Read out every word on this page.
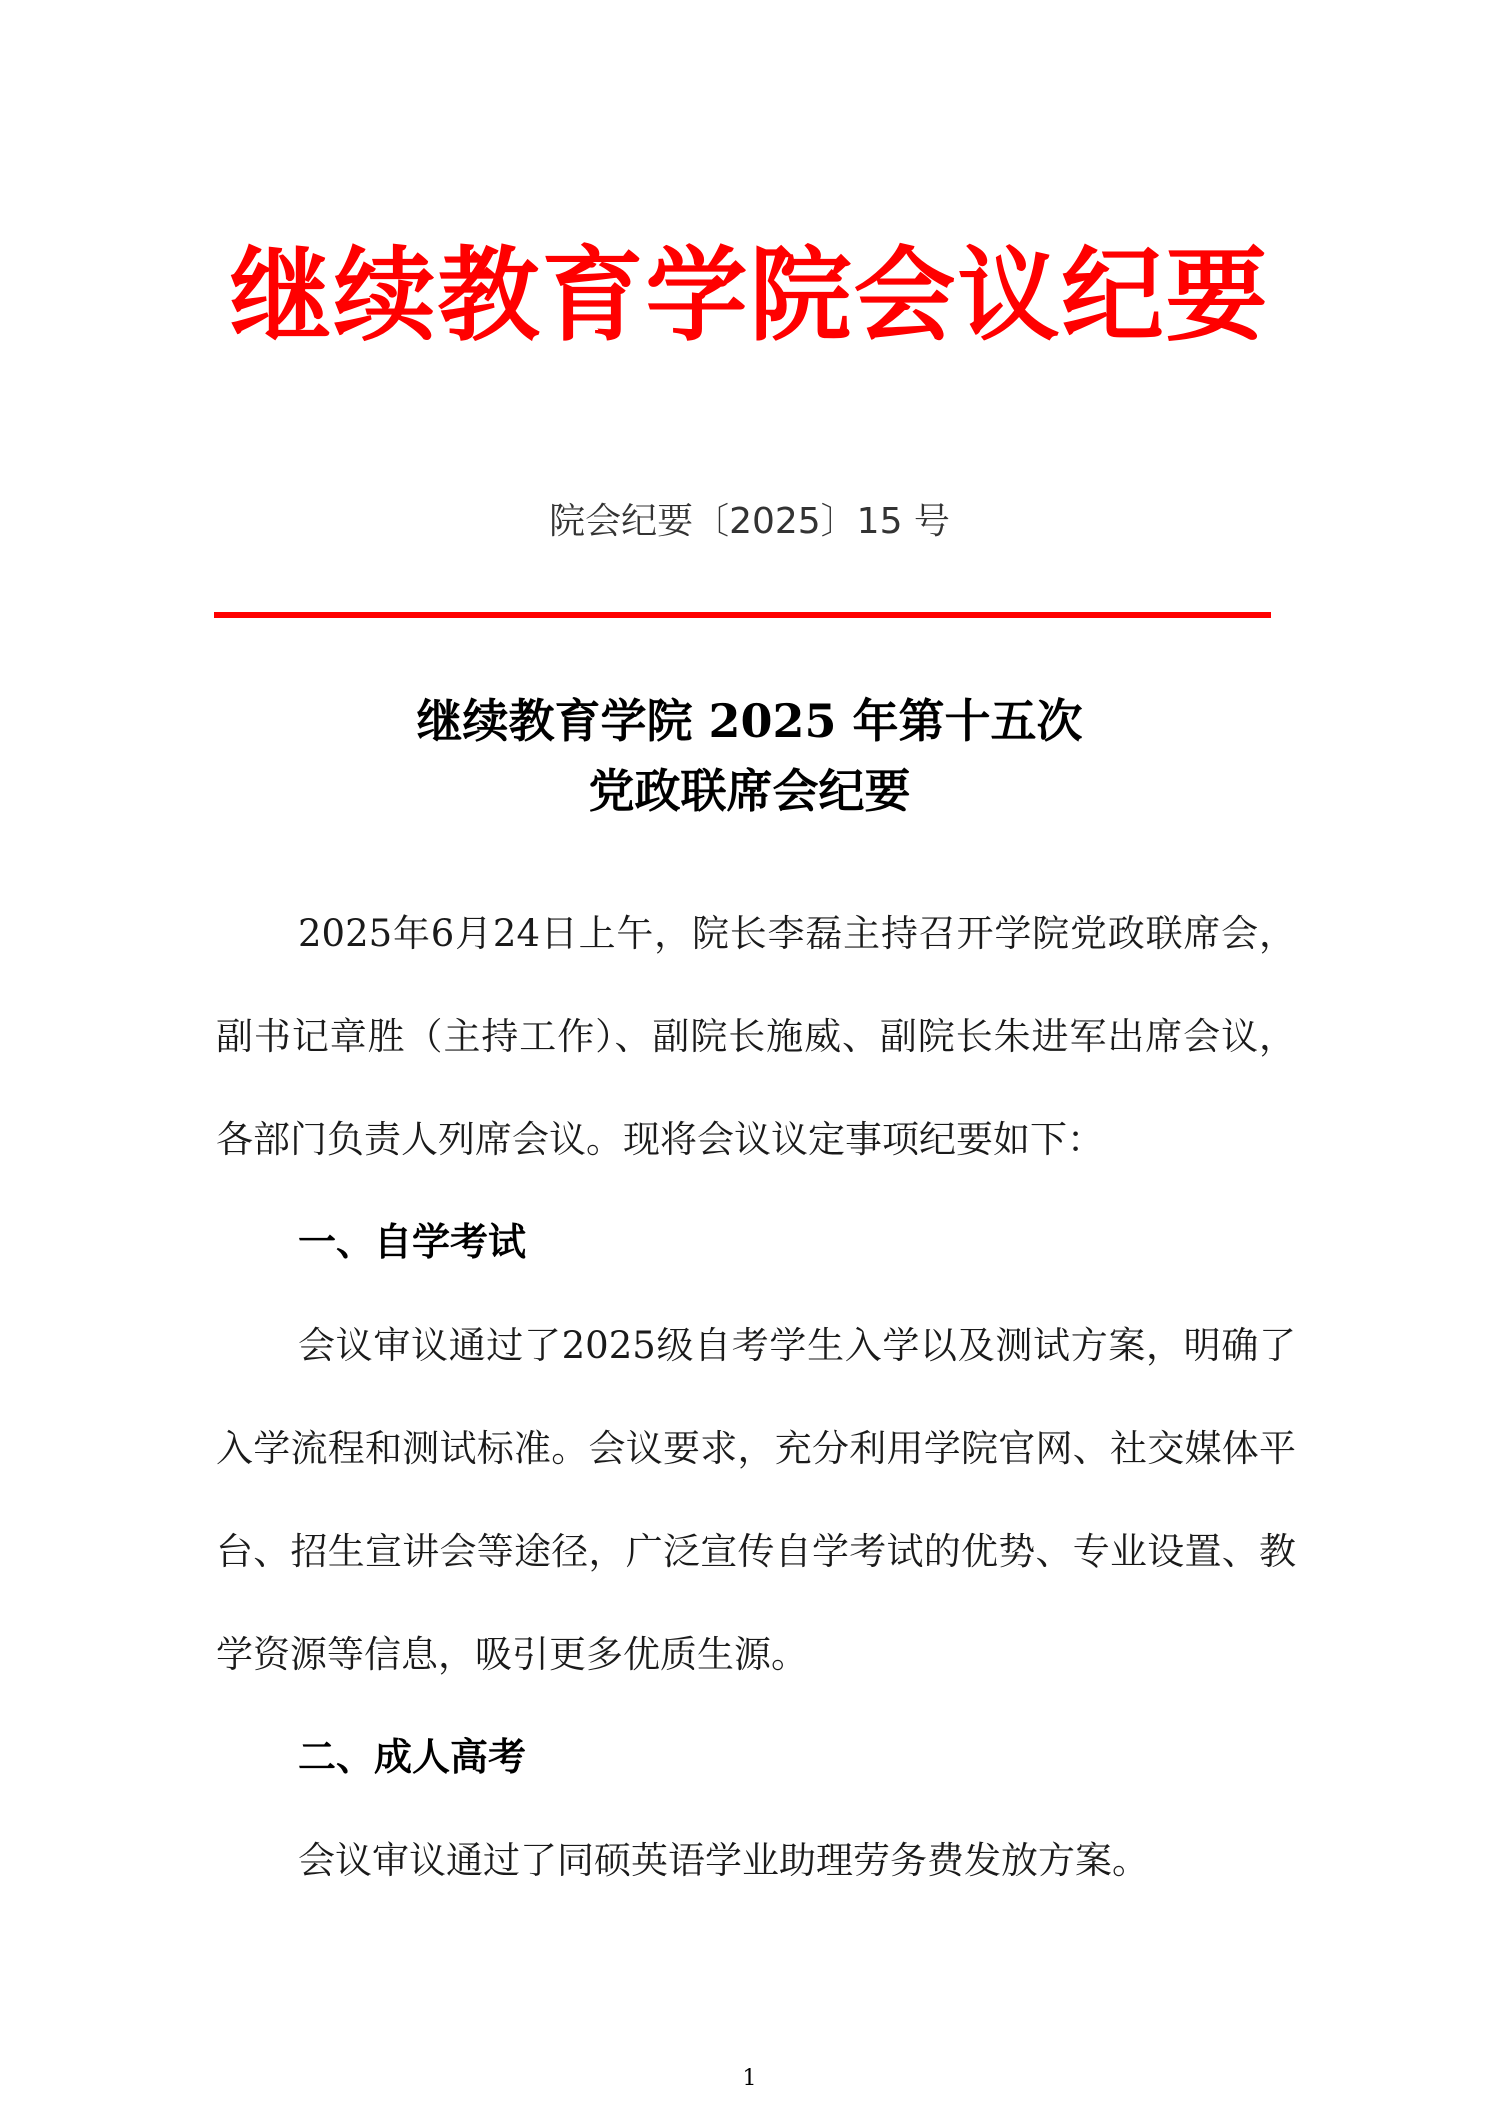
继续教育学院会议纪要
院会纪要〔2025〕15 号
继续教育学院 2025 年第十五次
党政联席会纪要

2025年6月24日上午，院长李磊主持召开学院党政联席会，副书记章胜（主持工作）、副院长施威、副院长朱进军出席会议，各部门负责人列席会议。现将会议议定事项纪要如下：

一、自学考试

会议审议通过了2025级自考学生入学以及测试方案，明确了入学流程和测试标准。会议要求，充分利用学院官网、社交媒体平台、招生宣讲会等途径，广泛宣传自学考试的优势、专业设置、教学资源等信息，吸引更多优质生源。

二、成人高考

会议审议通过了同硕英语学业助理劳务费发放方案。

1
